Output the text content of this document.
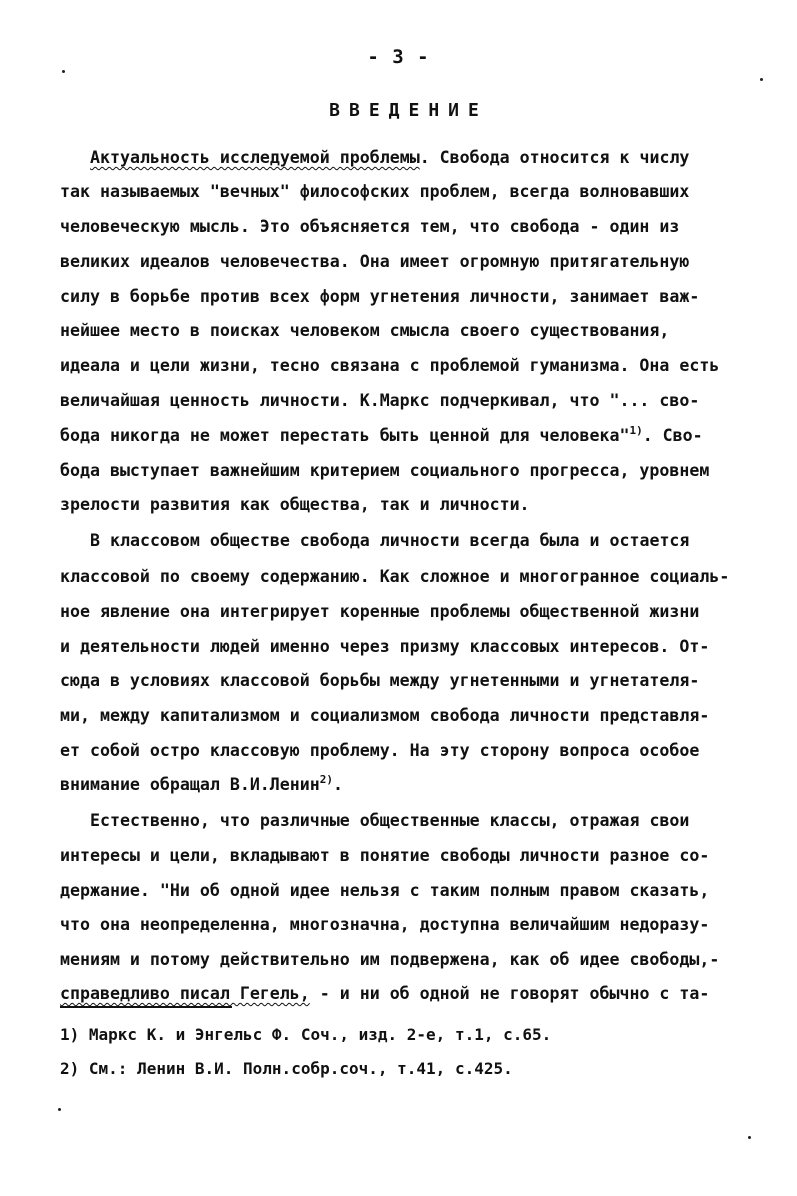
- 3 -
ВВЕДЕНИЕ
Актуальность исследуемой проблемы. Свобода относится к числу
так называемых "вечных" философских проблем, всегда волновавших
человеческую мысль. Это объясняется тем, что свобода - один из
великих идеалов человечества. Она имеет огромную притягательную
силу в борьбе против всех форм угнетения личности, занимает важ-
нейшее место в поисках человеком смысла своего существования,
идеала и цели жизни, тесно связана с проблемой гуманизма. Она есть
величайшая ценность личности. К.Маркс подчеркивал, что "... сво-
бода никогда не может перестать быть ценной для человека"$^{1)}$. Сво-
бода выступает важнейшим критерием социального прогресса, уровнем
зрелости развития как общества, так и личности.
В классовом обществе свобода личности всегда была и остается
классовой по своему содержанию. Как сложное и многогранное социаль-
ное явление она интегрирует коренные проблемы общественной жизни
и деятельности людей именно через призму классовых интересов. От-
сюда в условиях классовой борьбы между угнетенными и угнетателя-
ми, между капитализмом и социализмом свобода личности представля-
ет собой остро классовую проблему. На эту сторону вопроса особое
внимание обращал В.И.Ленин$^{2)}$.
Естественно, что различные общественные классы, отражая свои
интересы и цели, вкладывают в понятие свободы личности разное со-
держание. "Ни об одной идее нельзя с таким полным правом сказать,
что она неопределенна, многозначна, доступна величайшим недоразу-
мениям и потому действительно им подвержена, как об идее свободы,-
справедливо писал Гегель, - и ни об одной не говорят обычно с та-
1) Маркс К. и Энгельс Ф. Соч., изд. 2-е, т.1, с.65.
2) См.: Ленин В.И. Полн.собр.соч., т.41, с.425.
